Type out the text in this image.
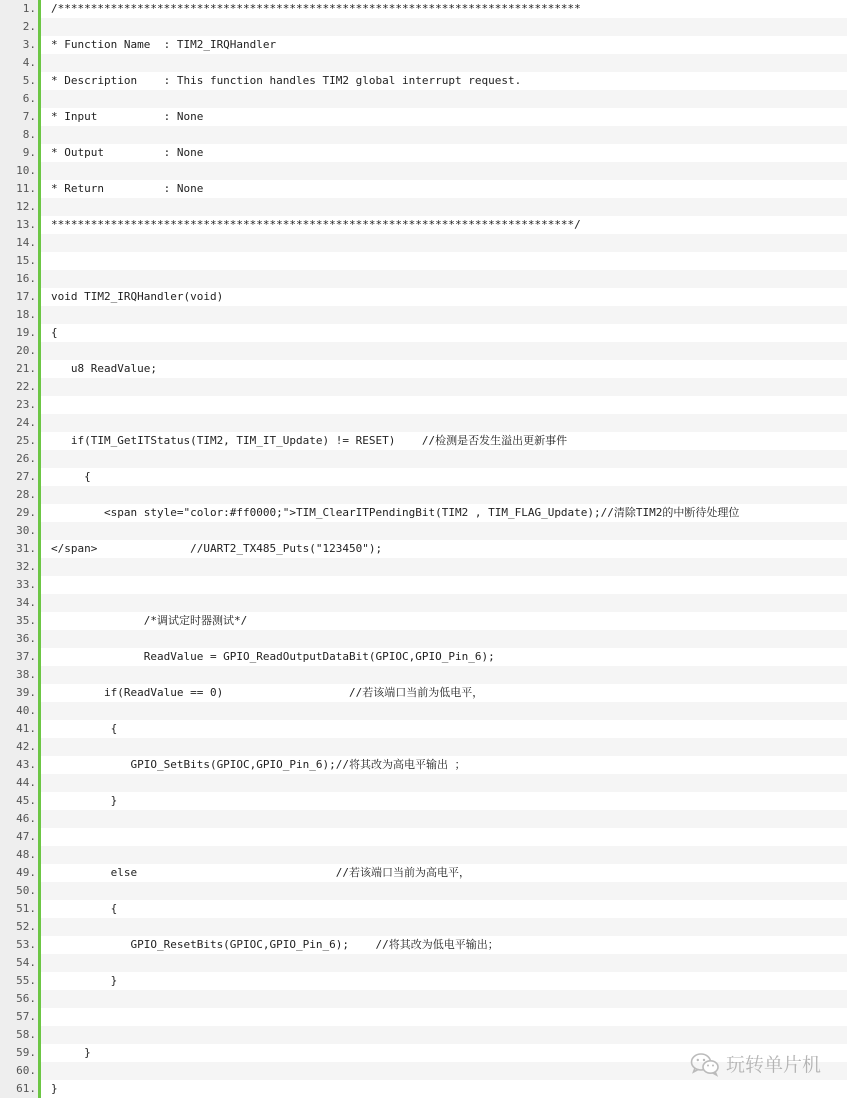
1.	/*******************************************************************************
2.
3.	* Function Name  : TIM2_IRQHandler
4.
5.	* Description    : This function handles TIM2 global interrupt request.
6.
7.	* Input          : None
8.
9.	* Output         : None
10.
11.	* Return         : None
12.
13.	*******************************************************************************/
14.
15.
16.
17.	void TIM2_IRQHandler(void)
18.
19.	{
20.
21.	u8 ReadValue;
22.
23.
24.
25.	if(TIM_GetITStatus(TIM2, TIM_IT_Update) != RESET)    //检测是否发生溢出更新事件
26.
27.	{
28.
29.	<span style="color:#ff0000;">TIM_ClearITPendingBit(TIM2 , TIM_FLAG_Update);//清除TIM2的中断待处理位
30.
31.	</span>              //UART2_TX485_Puts("123450");
32.
33.
34.
35.	/*调试定时器测试*/
36.
37.	ReadValue = GPIO_ReadOutputDataBit(GPIOC,GPIO_Pin_6);
38.
39.	if(ReadValue == 0)                   //若该端口当前为低电平，
40.
41.	{
42.
43.	GPIO_SetBits(GPIOC,GPIO_Pin_6);//将其改为高电平输出 ；
44.
45.	}
46.
47.
48.
49.	else                              //若该端口当前为高电平，
50.
51.	{
52.
53.	GPIO_ResetBits(GPIOC,GPIO_Pin_6);    //将其改为低电平输出；
54.
55.	}
56.
57.
58.
59.	}
60.
61.	}
玩转单片机
